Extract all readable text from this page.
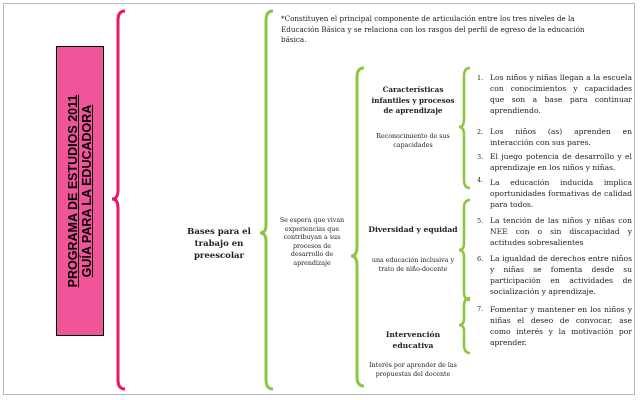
PROGRAMA DE ESTUDIOS 2011 GUÍA PARA LA EDUCADORA	Bases para el trabajo en preescolar
*Constituyen el principal componente de articulación entre los tres niveles de la Educación Básica y se relaciona con los rasgos del perfil de egreso de la educación básica.
Se espera que vivan experiencias que contribuyan a sus procesos de desarrollo de aprendizaje
Características infantiles y procesos de aprendizaje
Reconocimiento de sus capacidades
Diversidad y equidad
una educación inclusiva y trato de niño-docente
Intervención educativa
Interés por aprender de las propuestas del docente
1. Los niños y niñas llegan a la escuela con conocimientos y capacidades que son a base para continuar aprendiendo.
2. Los niños (as) aprenden en interacción con sus pares.
3. El juego potencia de desarrollo y el aprendizaje en los niños y niñas.
4. La educación inducida implica oportunidades formativas de calidad para todos.
5. La tención de las niños y niñas con NEE con o sin discapacidad y actitudes sobresalientes
6. La igualdad de derechos entre niños y niñas se fomenta desde su participación en actividades de socialización y aprendizaje.
7. Fomentar y mantener en los niños y niñas el deseo de convocar, ase como interés y la motivación por aprender.
